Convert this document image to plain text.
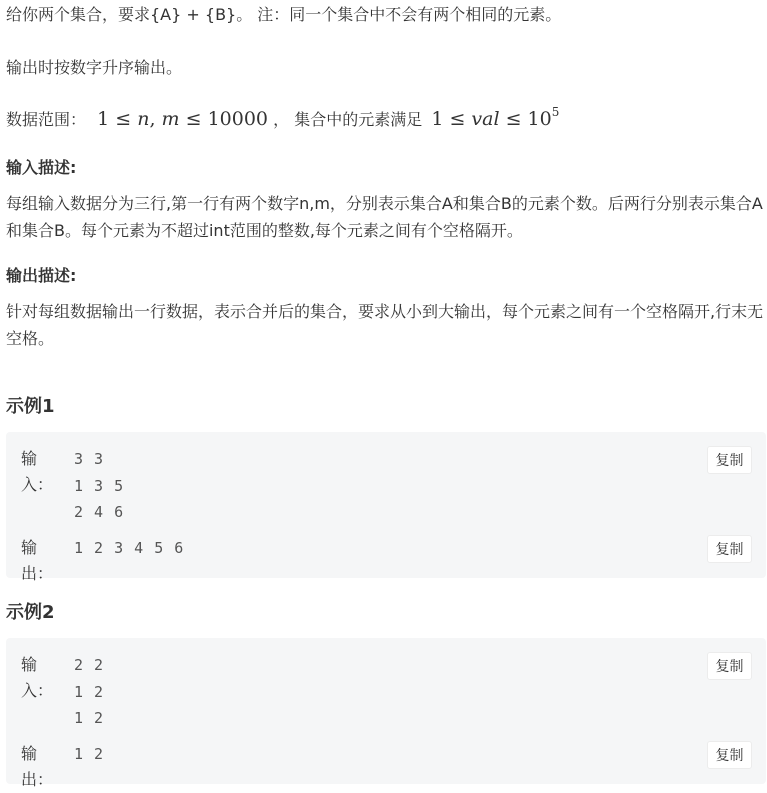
给你两个集合，要求{A} + {B}。 注：同一个集合中不会有两个相同的元素。

输出时按数字升序输出。

数据范围： 1 ≤ n, m ≤ 10000 ， 集合中的元素满足 1 ≤ val ≤ $10^5$

输入描述:

每组输入数据分为三行,第一行有两个数字n,m，分别表示集合A和集合B的元素个数。后两行分别表示集合A和集合B。每个元素为不超过int范围的整数,每个元素之间有个空格隔开。

输出描述:

针对每组数据输出一行数据，表示合并后的集合，要求从小到大输出，每个元素之间有一个空格隔开,行末无空格。

示例1

输入：
3 3
1 3 5
2 4 6
复制
输出：
1 2 3 4 5 6	复制

示例2

输入：
2 2
1 2
1 2
复制
输出：
1 2	复制
